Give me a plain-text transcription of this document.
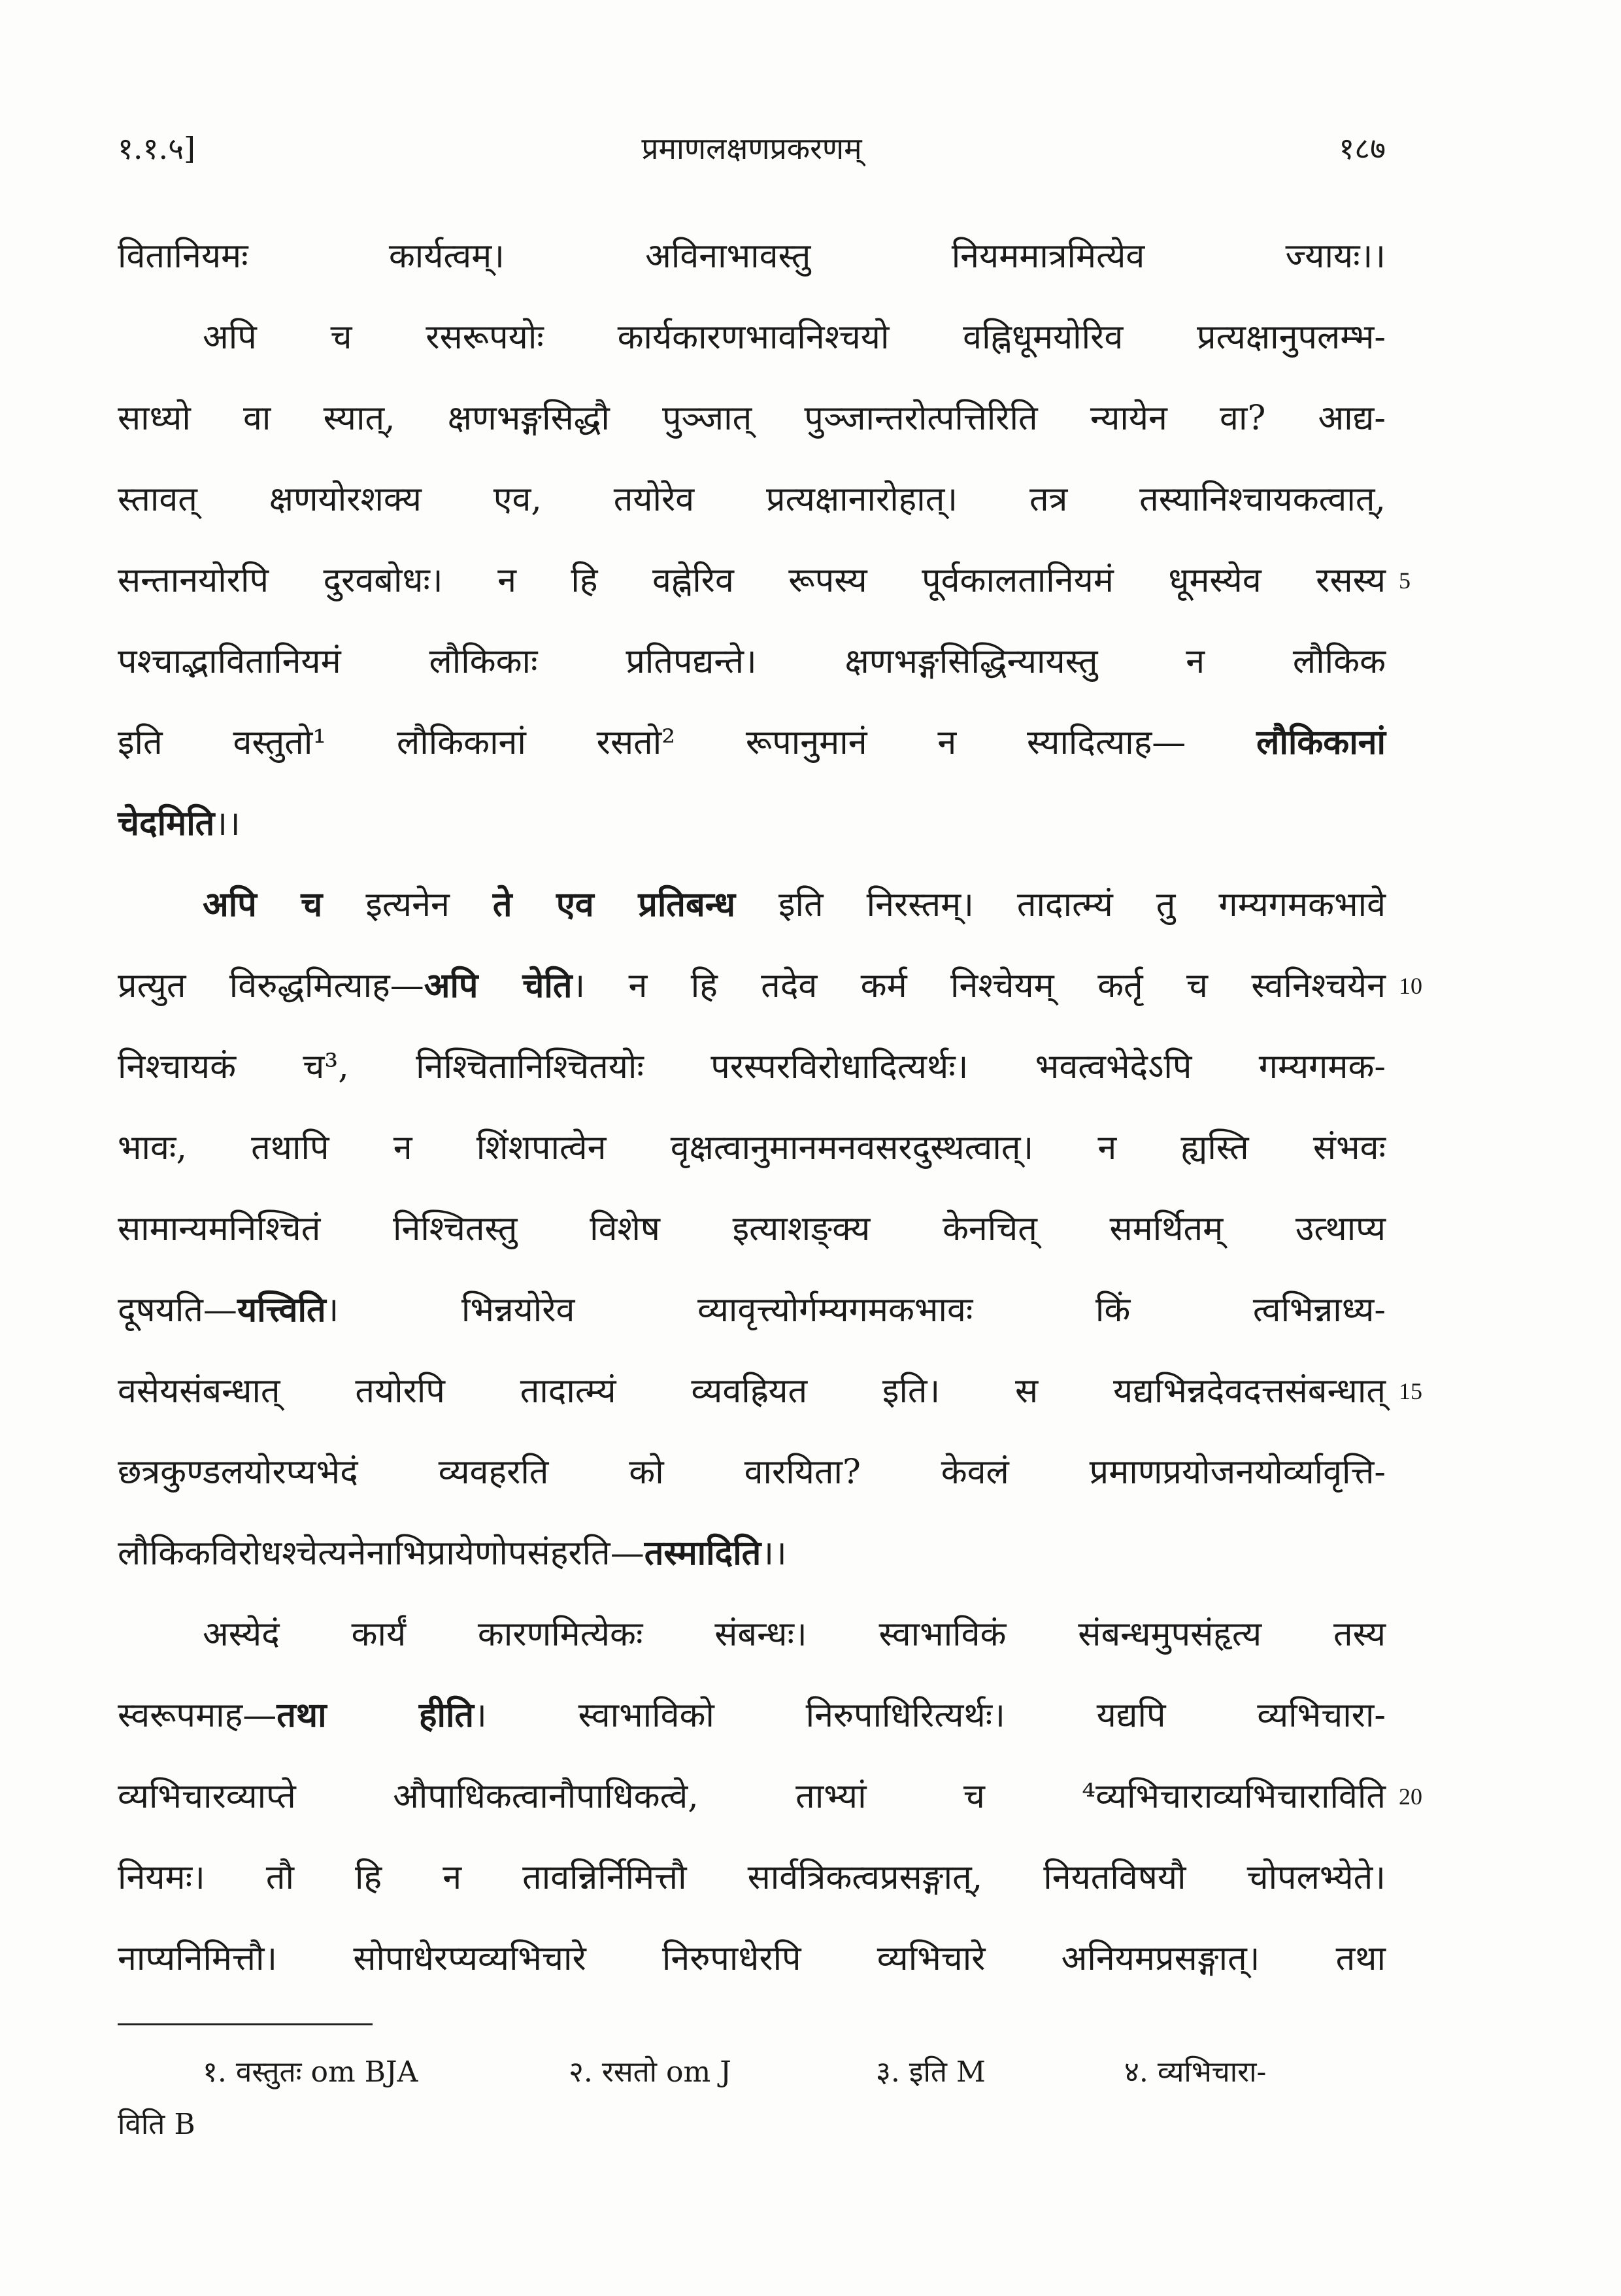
१.१.५]	प्रमाणलक्षणप्रकरणम्	१८७
वितानियमः कार्यत्वम्। अविनाभावस्तु नियममात्रमित्येव ज्यायः।।
अपि च रसरूपयोः कार्यकारणभावनिश्चयो वह्निधूमयोरिव प्रत्यक्षानुपलम्भ-
साध्यो वा स्यात्, क्षणभङ्गसिद्धौ पुञ्जात् पुञ्जान्तरोत्पत्तिरिति न्यायेन वा? आद्य-
स्तावत् क्षणयोरशक्य एव, तयोरेव प्रत्यक्षानारोहात्। तत्र तस्यानिश्चायकत्वात्,
सन्तानयोरपि दुरवबोधः। न हि वह्नेरिव रूपस्य पूर्वकालतानियमं धूमस्येव रसस्य 5
पश्चाद्भावितानियमं लौकिकाः प्रतिपद्यन्ते। क्षणभङ्गसिद्धिन्यायस्तु न लौकिक
इति वस्तुतो¹ लौकिकानां रसतो² रूपानुमानं न स्यादित्याह— लौकिकानां
चेदमिति।।
अपि च इत्यनेन ते एव प्रतिबन्ध इति निरस्तम्। तादात्म्यं तु गम्यगमकभावे
प्रत्युत विरुद्धमित्याह—अपि चेति। न हि तदेव कर्म निश्चेयम् कर्तृ च स्वनिश्चयेन 10
निश्चायकं च³, निश्चितानिश्चितयोः परस्परविरोधादित्यर्थः। भवत्वभेदेऽपि गम्यगमक-
भावः, तथापि न शिंशपात्वेन वृक्षत्वानुमानमनवसरदुस्थत्वात्। न ह्यस्ति संभवः
सामान्यमनिश्चितं निश्चितस्तु विशेष इत्याशङ्क्य केनचित् समर्थितम् उत्थाप्य
दूषयति—यत्त्विति। भिन्नयोरेव व्यावृत्त्योर्गम्यगमकभावः किं त्वभिन्नाध्य-
वसेयसंबन्धात् तयोरपि तादात्म्यं व्यवह्रियत इति। स यद्यभिन्नदेवदत्तसंबन्धात् 15
छत्रकुण्डलयोरप्यभेदं व्यवहरति को वारयिता? केवलं प्रमाणप्रयोजनयोर्व्यावृत्ति-
लौकिकविरोधश्चेत्यनेनाभिप्रायेणोपसंहरति—तस्मादिति।।
अस्येदं कार्यं कारणमित्येकः संबन्धः। स्वाभाविकं संबन्धमुपसंहृत्य तस्य
स्वरूपमाह—तथा हीति। स्वाभाविको निरुपाधिरित्यर्थः। यद्यपि व्यभिचारा-
व्यभिचारव्याप्ते औपाधिकत्वानौपाधिकत्वे, ताभ्यां च ⁴व्यभिचाराव्यभिचाराविति 20
नियमः। तौ हि न तावन्निर्निमित्तौ सार्वत्रिकत्वप्रसङ्गात्, नियतविषयौ चोपलभ्येते।
नाप्यनिमित्तौ। सोपाधेरप्यव्यभिचारे निरुपाधेरपि व्यभिचारे अनियमप्रसङ्गात्। तथा
१. वस्तुतः om BJA	२. रसतो om J	३. इति M	४. व्यभिचारा-
विति B
